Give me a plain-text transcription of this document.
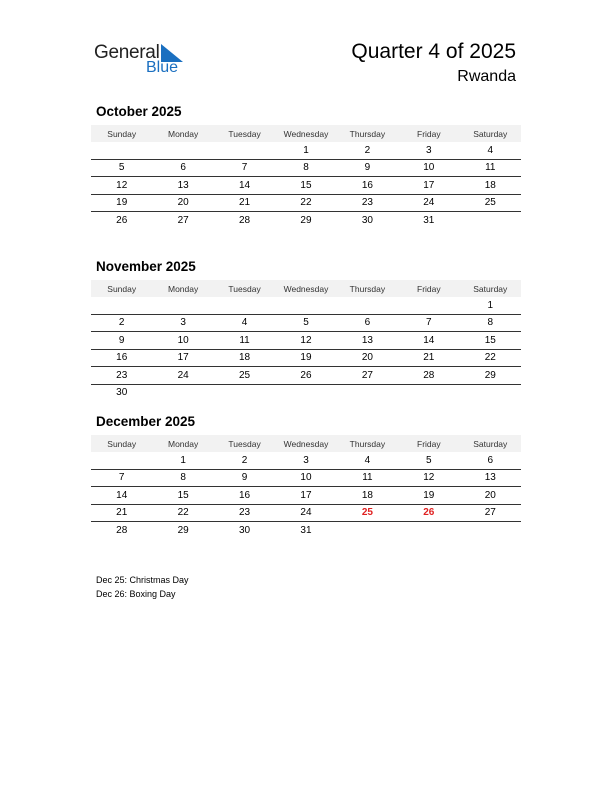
General
Blue
Quarter 4 of 2025
Rwanda
October 2025
Sunday	Monday	Tuesday	Wednesday	Thursday	Friday	Saturday
			1	2	3	4
5	6	7	8	9	10	11
12	13	14	15	16	17	18
19	20	21	22	23	24	25
26	27	28	29	30	31	
November 2025
Sunday	Monday	Tuesday	Wednesday	Thursday	Friday	Saturday
						1
2	3	4	5	6	7	8
9	10	11	12	13	14	15
16	17	18	19	20	21	22
23	24	25	26	27	28	29
30						
December 2025
Sunday	Monday	Tuesday	Wednesday	Thursday	Friday	Saturday
	1	2	3	4	5	6
7	8	9	10	11	12	13
14	15	16	17	18	19	20
21	22	23	24	25	26	27
28	29	30	31			
Dec 25: Christmas Day
Dec 26: Boxing Day
